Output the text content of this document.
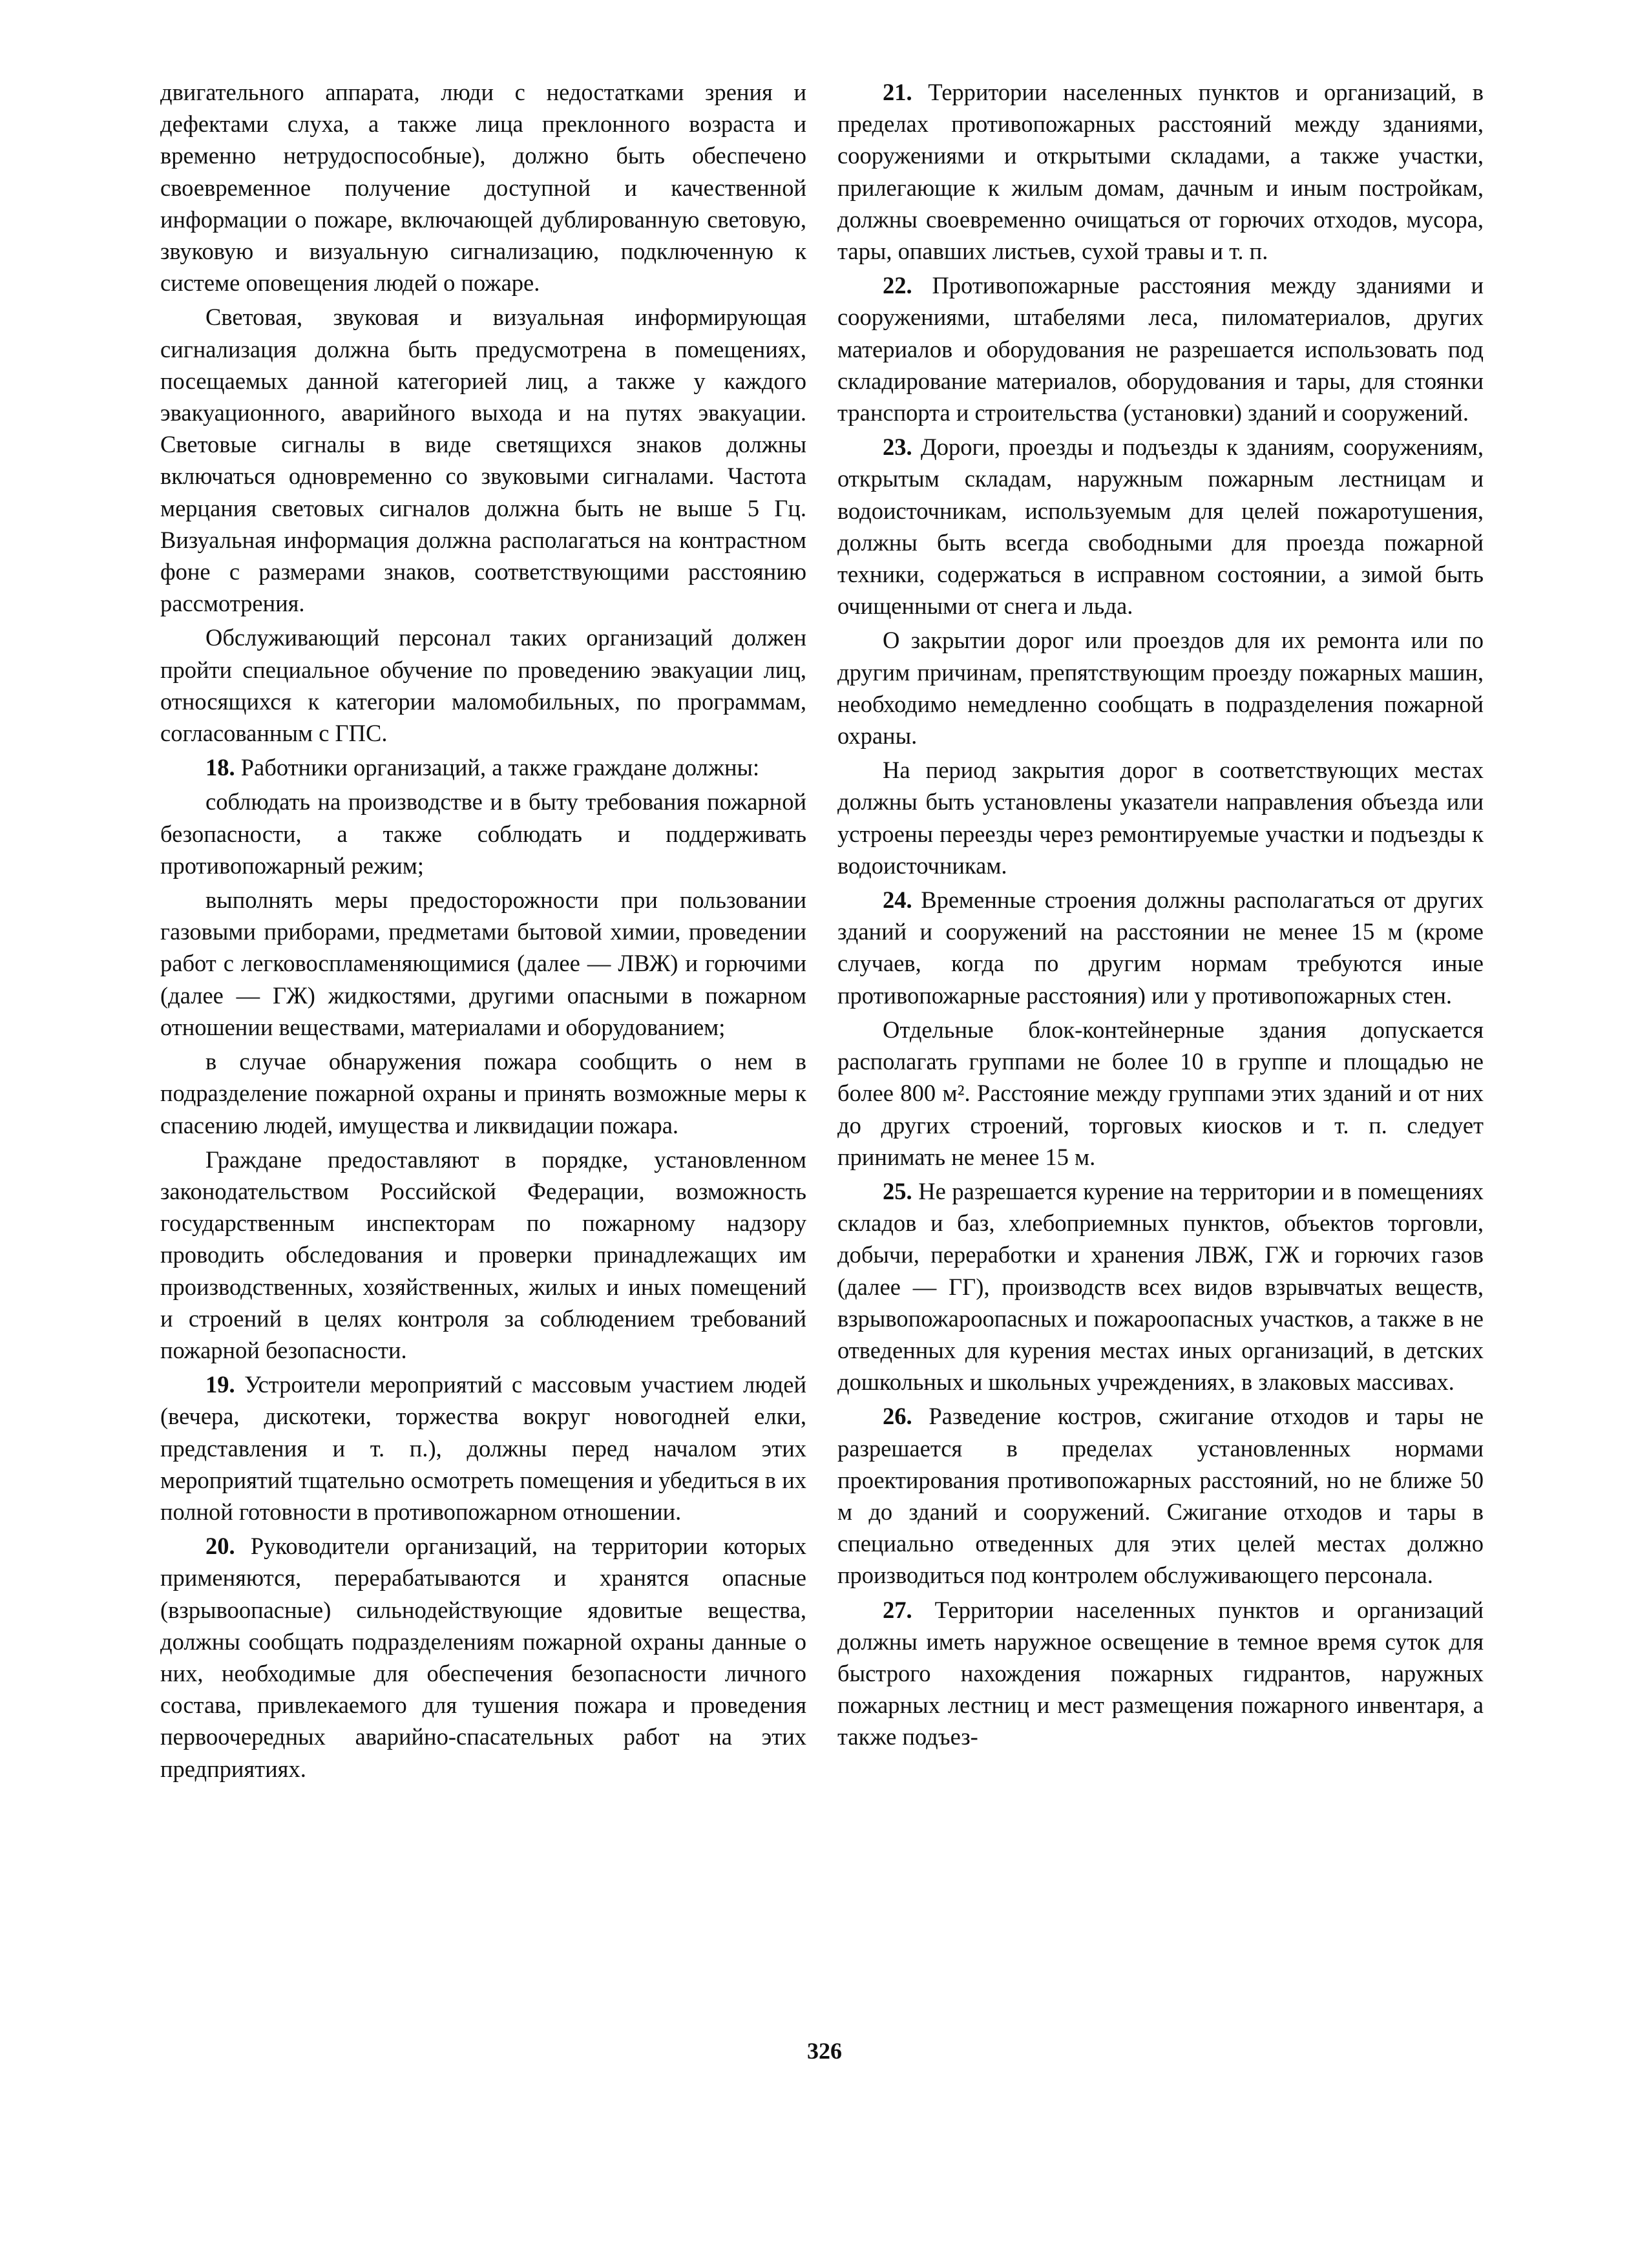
двигательного аппарата, люди с недостатками зрения и дефектами слуха, а также лица преклонного возраста и временно нетрудоспособные), должно быть обеспечено своевременное получение доступной и качественной информации о пожаре, включающей дублированную световую, звуковую и визуальную сигнализацию, подключенную к системе оповещения людей о пожаре.

Световая, звуковая и визуальная информирующая сигнализация должна быть предусмотрена в помещениях, посещаемых данной категорией лиц, а также у каждого эвакуационного, аварийного выхода и на путях эвакуации. Световые сигналы в виде светящихся знаков должны включаться одновременно со звуковыми сигналами. Частота мерцания световых сигналов должна быть не выше 5 Гц. Визуальная информация должна располагаться на контрастном фоне с размерами знаков, соответствующими расстоянию рассмотрения.

Обслуживающий персонал таких организаций должен пройти специальное обучение по проведению эвакуации лиц, относящихся к категории маломобильных, по программам, согласованным с ГПС.

18. Работники организаций, а также граждане должны:

соблюдать на производстве и в быту требования пожарной безопасности, а также соблюдать и поддерживать противопожарный режим;

выполнять меры предосторожности при пользовании газовыми приборами, предметами бытовой химии, проведении работ с легковоспламеняющимися (далее — ЛВЖ) и горючими (далее — ГЖ) жидкостями, другими опасными в пожарном отношении веществами, материалами и оборудованием;

в случае обнаружения пожара сообщить о нем в подразделение пожарной охраны и принять возможные меры к спасению людей, имущества и ликвидации пожара.

Граждане предоставляют в порядке, установленном законодательством Российской Федерации, возможность государственным инспекторам по пожарному надзору проводить обследования и проверки принадлежащих им производственных, хозяйственных, жилых и иных помещений и строений в целях контроля за соблюдением требований пожарной безопасности.

19. Устроители мероприятий с массовым участием людей (вечера, дискотеки, торжества вокруг новогодней елки, представления и т. п.), должны перед началом этих мероприятий тщательно осмотреть помещения и убедиться в их полной готовности в противопожарном отношении.

20. Руководители организаций, на территории которых применяются, перерабатываются и хранятся опасные (взрывоопасные) сильнодействующие ядовитые вещества, должны сообщать подразделениям пожарной охраны данные о них, необходимые для обеспечения безопасности личного состава, привлекаемого для тушения пожара и проведения первоочередных аварийно-спасательных работ на этих предприятиях.

21. Территории населенных пунктов и организаций, в пределах противопожарных расстояний между зданиями, сооружениями и открытыми складами, а также участки, прилегающие к жилым домам, дачным и иным постройкам, должны своевременно очищаться от горючих отходов, мусора, тары, опавших листьев, сухой травы и т. п.

22. Противопожарные расстояния между зданиями и сооружениями, штабелями леса, пиломатериалов, других материалов и оборудования не разрешается использовать под складирование материалов, оборудования и тары, для стоянки транспорта и строительства (установки) зданий и сооружений.

23. Дороги, проезды и подъезды к зданиям, сооружениям, открытым складам, наружным пожарным лестницам и водоисточникам, используемым для целей пожаротушения, должны быть всегда свободными для проезда пожарной техники, содержаться в исправном состоянии, а зимой быть очищенными от снега и льда.

О закрытии дорог или проездов для их ремонта или по другим причинам, препятствующим проезду пожарных машин, необходимо немедленно сообщать в подразделения пожарной охраны.

На период закрытия дорог в соответствующих местах должны быть установлены указатели направления объезда или устроены переезды через ремонтируемые участки и подъезды к водоисточникам.

24. Временные строения должны располагаться от других зданий и сооружений на расстоянии не менее 15 м (кроме случаев, когда по другим нормам требуются иные противопожарные расстояния) или у противопожарных стен.

Отдельные блок-контейнерные здания допускается располагать группами не более 10 в группе и площадью не более 800 м². Расстояние между группами этих зданий и от них до других строений, торговых киосков и т. п. следует принимать не менее 15 м.

25. Не разрешается курение на территории и в помещениях складов и баз, хлебоприемных пунктов, объектов торговли, добычи, переработки и хранения ЛВЖ, ГЖ и горючих газов (далее — ГГ), производств всех видов взрывчатых веществ, взрывопожароопасных и пожароопасных участков, а также в не отведенных для курения местах иных организаций, в детских дошкольных и школьных учреждениях, в злаковых массивах.

26. Разведение костров, сжигание отходов и тары не разрешается в пределах установленных нормами проектирования противопожарных расстояний, но не ближе 50 м до зданий и сооружений. Сжигание отходов и тары в специально отведенных для этих целей местах должно производиться под контролем обслуживающего персонала.

27. Территории населенных пунктов и организаций должны иметь наружное освещение в темное время суток для быстрого нахождения пожарных гидрантов, наружных пожарных лестниц и мест размещения пожарного инвентаря, а также подъез-

326
